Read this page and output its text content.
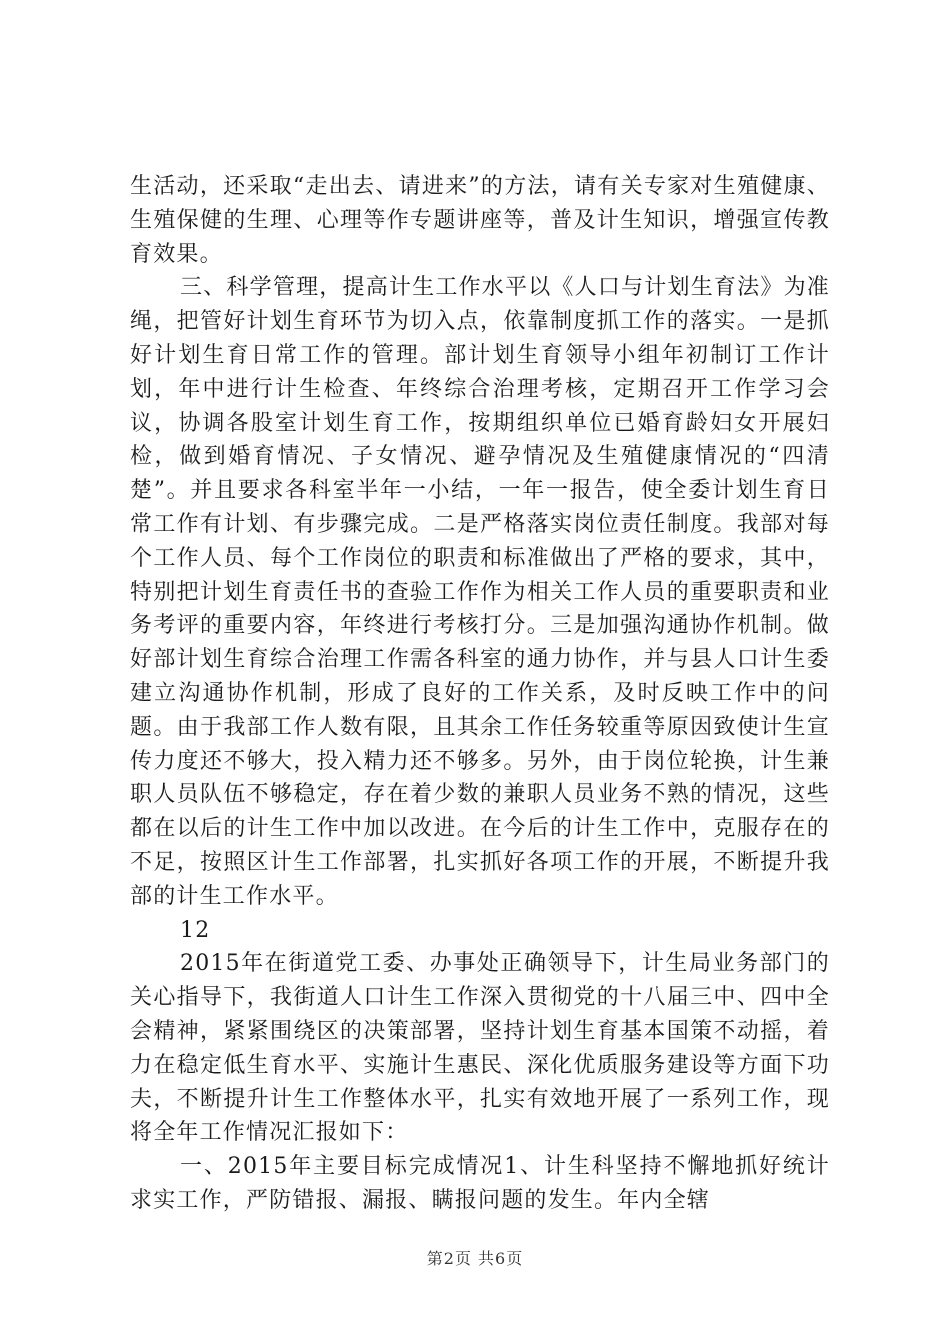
生活动，还采取“走出去、请进来”的方法，请有关专家对生殖健康、生殖保健的生理、心理等作专题讲座等，普及计生知识，增强宣传教育效果。

三、科学管理，提高计生工作水平以《人口与计划生育法》为准绳，把管好计划生育环节为切入点，依靠制度抓工作的落实。一是抓好计划生育日常工作的管理。部计划生育领导小组年初制订工作计划，年中进行计生检查、年终综合治理考核，定期召开工作学习会议，协调各股室计划生育工作，按期组织单位已婚育龄妇女开展妇检，做到婚育情况、子女情况、避孕情况及生殖健康情况的“四清楚”。并且要求各科室半年一小结，一年一报告，使全委计划生育日常工作有计划、有步骤完成。二是严格落实岗位责任制度。我部对每个工作人员、每个工作岗位的职责和标准做出了严格的要求，其中，特别把计划生育责任书的查验工作作为相关工作人员的重要职责和业务考评的重要内容，年终进行考核打分。三是加强沟通协作机制。做好部计划生育综合治理工作需各科室的通力协作，并与县人口计生委建立沟通协作机制，形成了良好的工作关系，及时反映工作中的问题。由于我部工作人数有限，且其余工作任务较重等原因致使计生宣传力度还不够大，投入精力还不够多。另外，由于岗位轮换，计生兼职人员队伍不够稳定，存在着少数的兼职人员业务不熟的情况，这些都在以后的计生工作中加以改进。在今后的计生工作中，克服存在的不足，按照区计生工作部署，扎实抓好各项工作的开展，不断提升我部的计生工作水平。

12

2015年在街道党工委、办事处正确领导下，计生局业务部门的关心指导下，我街道人口计生工作深入贯彻党的十八届三中、四中全会精神，紧紧围绕区的决策部署，坚持计划生育基本国策不动摇，着力在稳定低生育水平、实施计生惠民、深化优质服务建设等方面下功夫，不断提升计生工作整体水平，扎实有效地开展了一系列工作，现将全年工作情况汇报如下：

一、2015年主要目标完成情况1、计生科坚持不懈地抓好统计求实工作，严防错报、漏报、瞒报问题的发生。年内全辖

第2页 共6页
